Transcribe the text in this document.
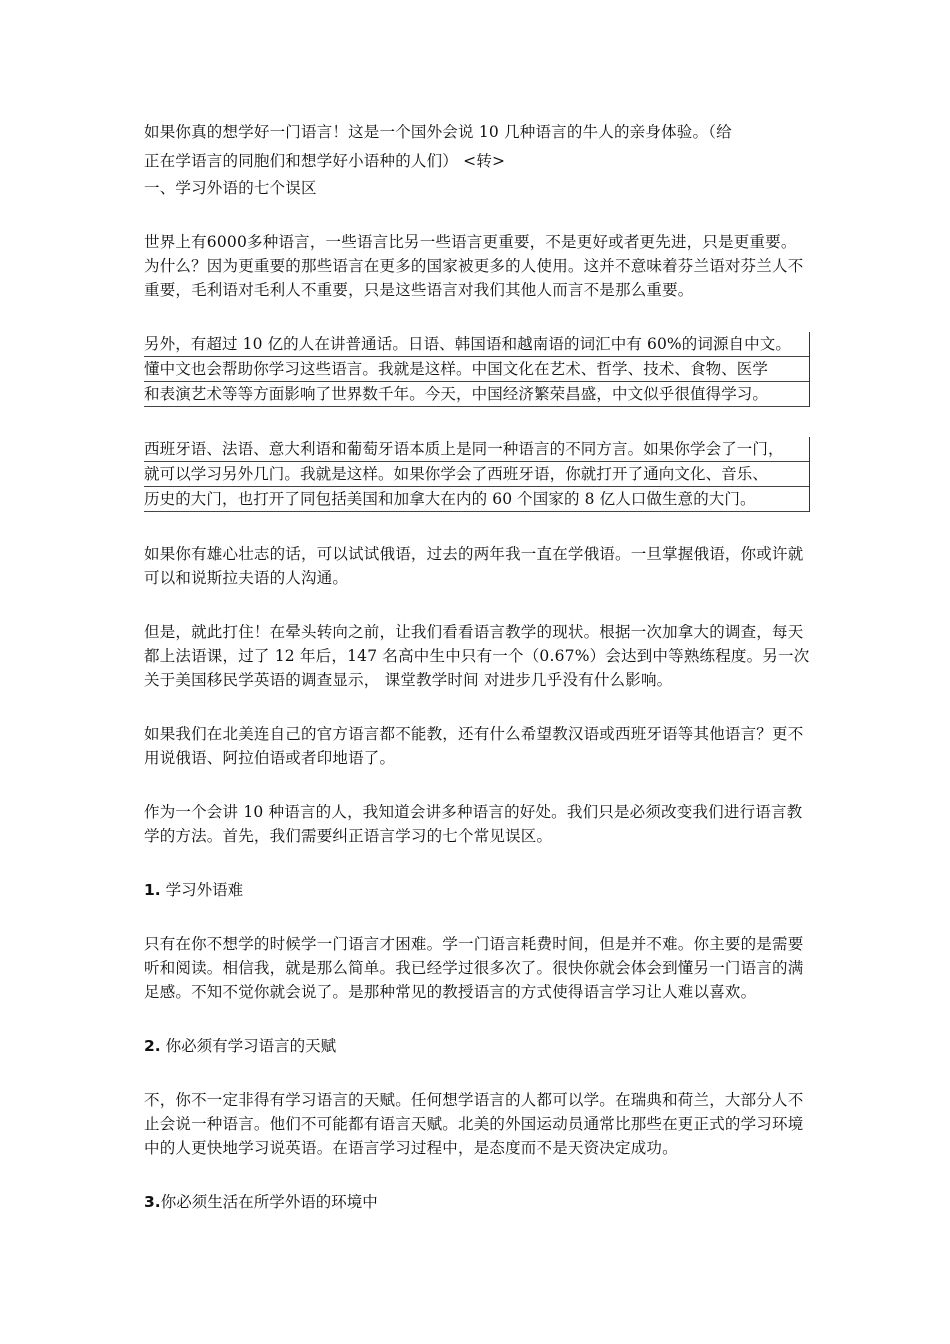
如果你真的想学好一门语言！这是一个国外会说 10 几种语言的牛人的亲身体验。（给
正在学语言的同胞们和想学好小语种的人们） <转>

一、学习外语的七个误区

世界上有6000多种语言，一些语言比另一些语言更重要，不是更好或者更先进，只是更重要。为什么？因为更重要的那些语言在更多的国家被更多的人使用。这并不意味着芬兰语对芬兰人不重要，毛利语对毛利人不重要，只是这些语言对我们其他人而言不是那么重要。

另外，有超过 10 亿的人在讲普通话。日语、韩国语和越南语的词汇中有 60%的词源自中文。
懂中文也会帮助你学习这些语言。我就是这样。中国文化在艺术、哲学、技术、食物、医学
和表演艺术等等方面影响了世界数千年。今天，中国经济繁荣昌盛，中文似乎很值得学习。
西班牙语、法语、意大利语和葡萄牙语本质上是同一种语言的不同方言。如果你学会了一门，
就可以学习另外几门。我就是这样。如果你学会了西班牙语，你就打开了通向文化、音乐、
历史的大门，也打开了同包括美国和加拿大在内的 60 个国家的 8 亿人口做生意的大门。

如果你有雄心壮志的话，可以试试俄语，过去的两年我一直在学俄语。一旦掌握俄语，你或许就可以和说斯拉夫语的人沟通。

但是，就此打住！在晕头转向之前，让我们看看语言教学的现状。根据一次加拿大的调查，每天都上法语课，过了 12 年后，147 名高中生中只有一个（0.67%）会达到中等熟练程度。另一次关于美国移民学英语的调查显示， 课堂教学时间 对进步几乎没有什么影响。

如果我们在北美连自己的官方语言都不能教，还有什么希望教汉语或西班牙语等其他语言？更不用说俄语、阿拉伯语或者印地语了。

作为一个会讲 10 种语言的人，我知道会讲多种语言的好处。我们只是必须改变我们进行语言教学的方法。首先，我们需要纠正语言学习的七个常见误区。

1. 学习外语难

只有在你不想学的时候学一门语言才困难。学一门语言耗费时间，但是并不难。你主要的是需要听和阅读。相信我，就是那么简单。我已经学过很多次了。很快你就会体会到懂另一门语言的满足感。不知不觉你就会说了。是那种常见的教授语言的方式使得语言学习让人难以喜欢。

2. 你必须有学习语言的天赋

不，你不一定非得有学习语言的天赋。任何想学语言的人都可以学。在瑞典和荷兰，大部分人不止会说一种语言。他们不可能都有语言天赋。北美的外国运动员通常比那些在更正式的学习环境中的人更快地学习说英语。在语言学习过程中，是态度而不是天资决定成功。

3.你必须生活在所学外语的环境中
